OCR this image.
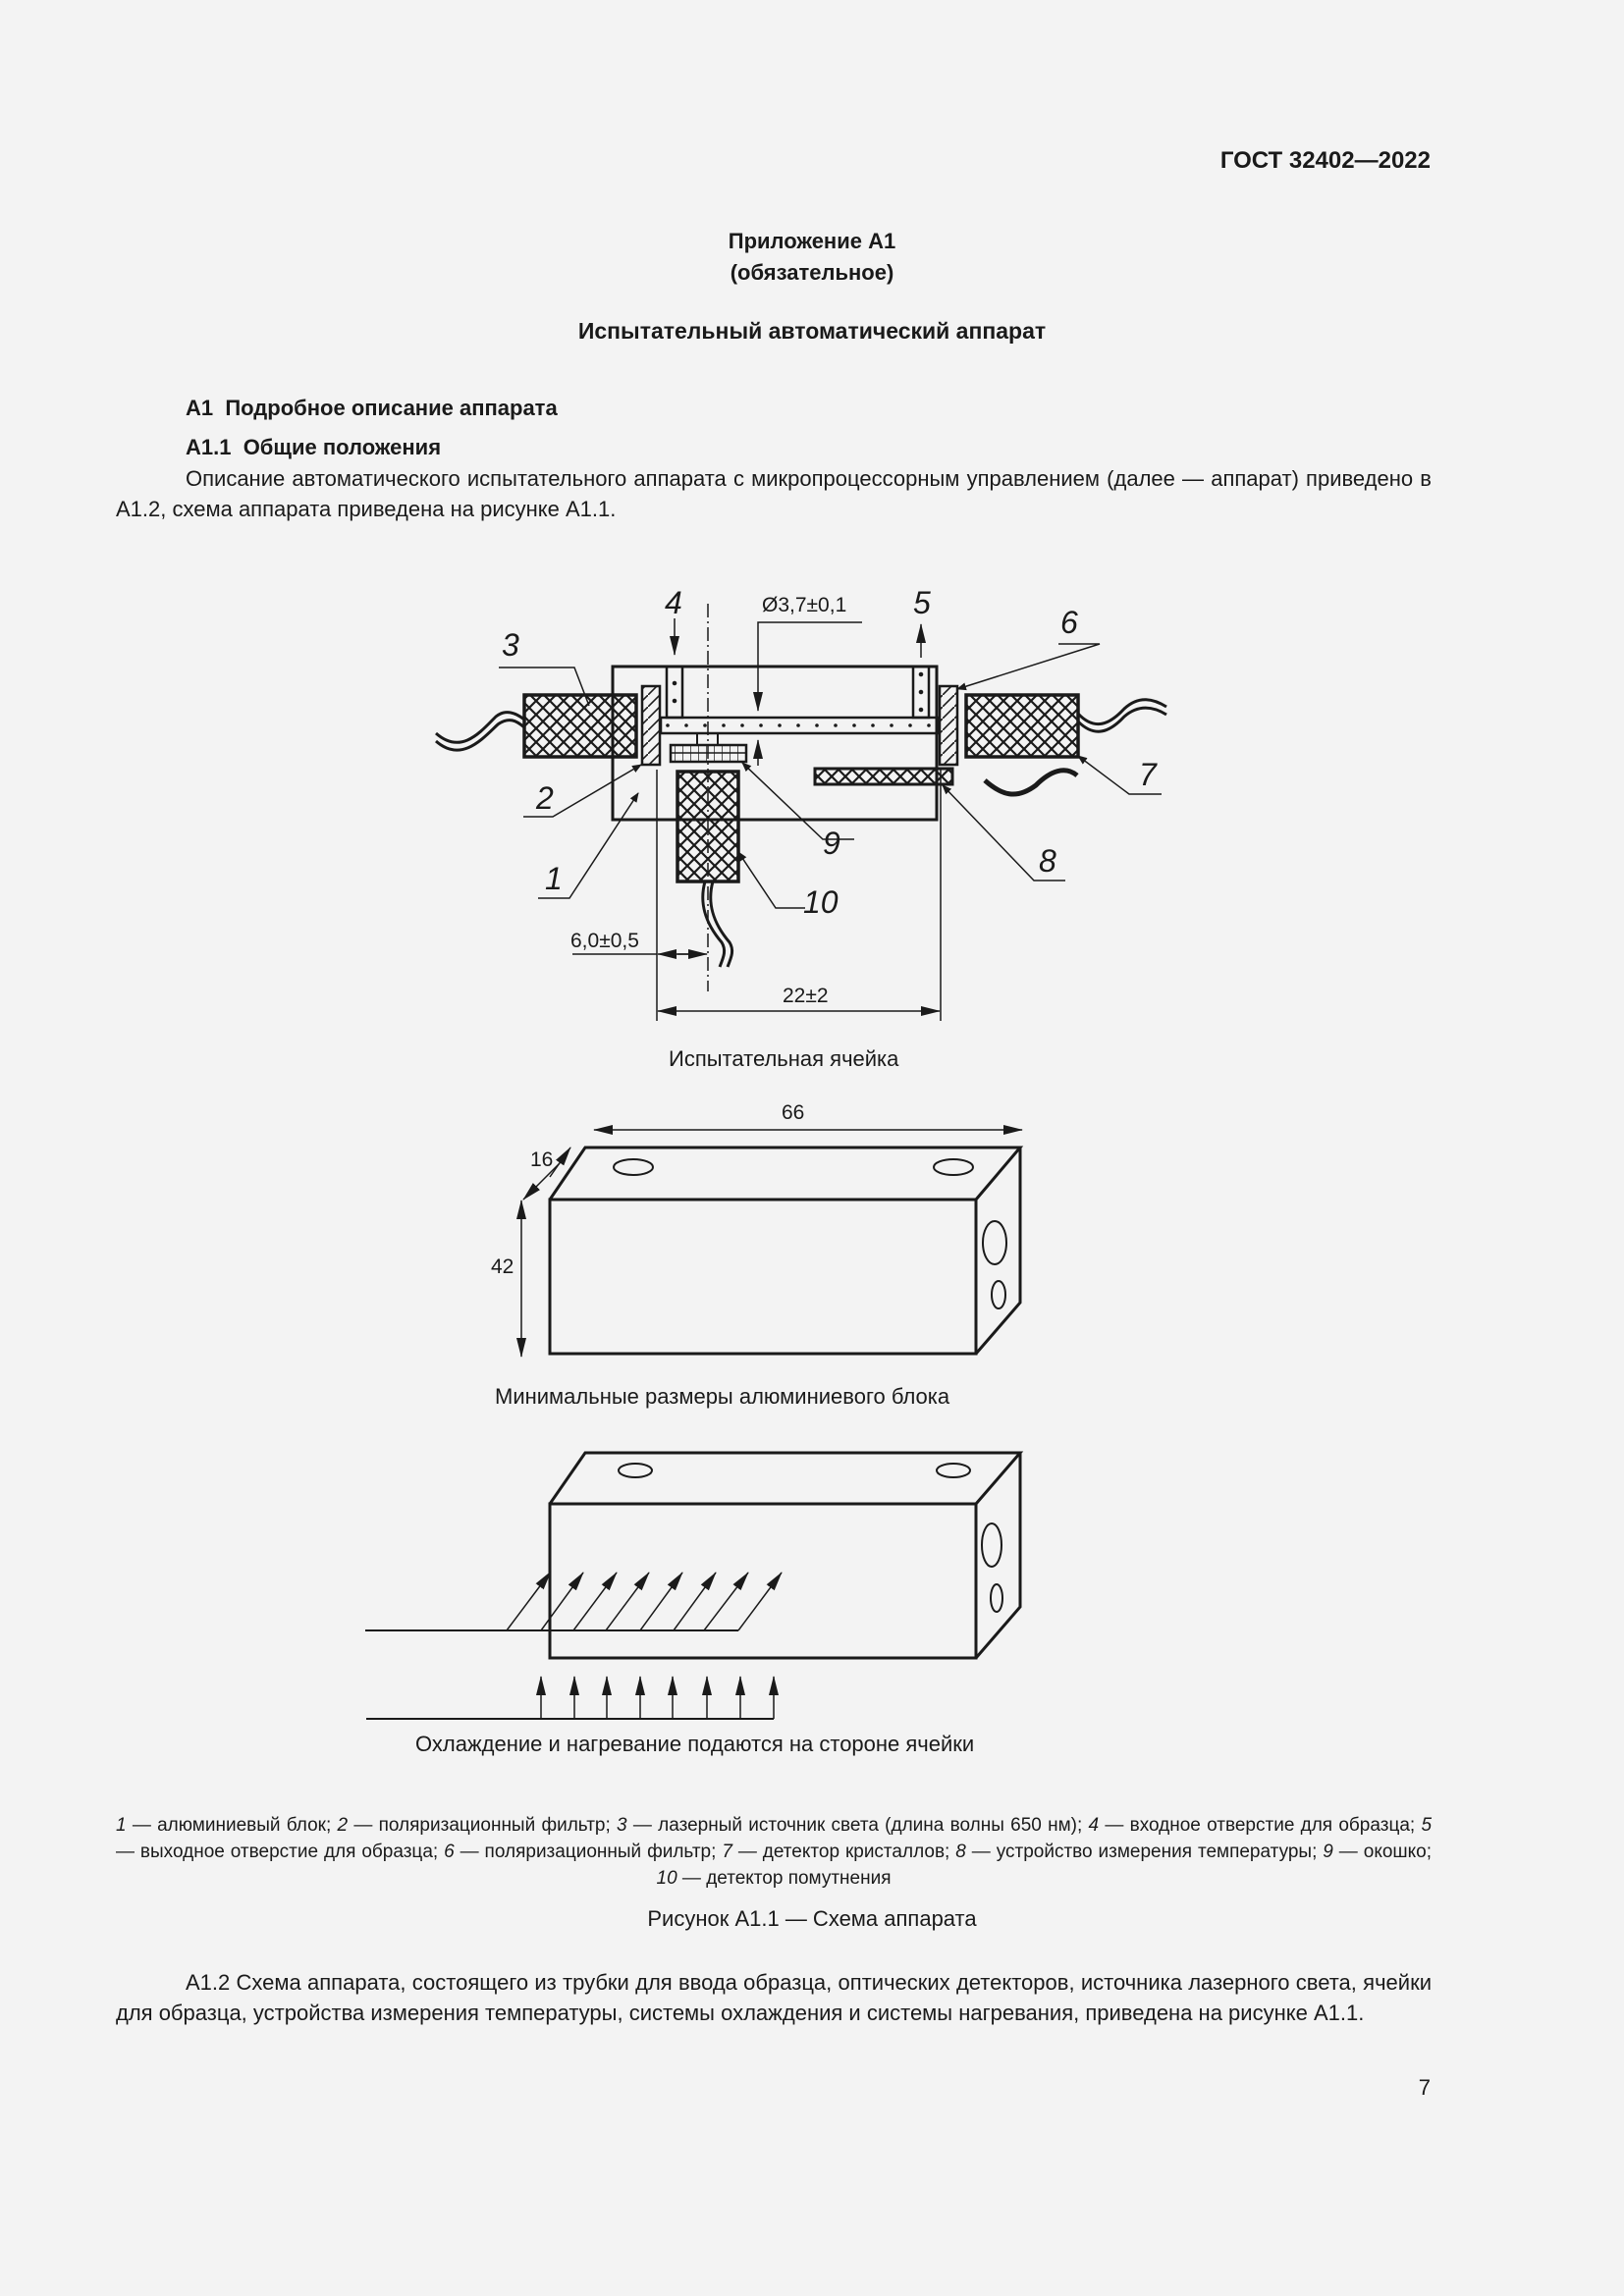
ГОСТ 32402—2022
Приложение А1
(обязательное)
Испытательный автоматический аппарат
А1  Подробное описание аппарата
А1.1  Общие положения
Описание автоматического испытательного аппарата с микропроцессорным управлением (далее — аппарат) приведено в А1.2, схема аппарата приведена на рисунке А1.1.
4	5
3
6
7
2
9	8
1
10
Ø3,7±0,1
6,0±0,5
22±2
66
16
42
Испытательная ячейка
Минимальные размеры алюминиевого блока
Охлаждение и нагревание подаются на стороне ячейки
1 — алюминиевый блок; 2 — поляризационный фильтр; 3 — лазерный источник света (длина волны 650 нм); 4 — входное отверстие для образца; 5 — выходное отверстие для образца; 6 — поляризационный фильтр; 7 — детектор кристаллов; 8 — устройство измерения температуры; 9 — окошко; 10 — детектор помутнения
Рисунок А1.1 — Схема аппарата
А1.2 Схема аппарата, состоящего из трубки для ввода образца, оптических детекторов, источника лазерного света, ячейки для образца, устройства измерения температуры, системы охлаждения и системы нагревания, приведена на рисунке А1.1.
7
